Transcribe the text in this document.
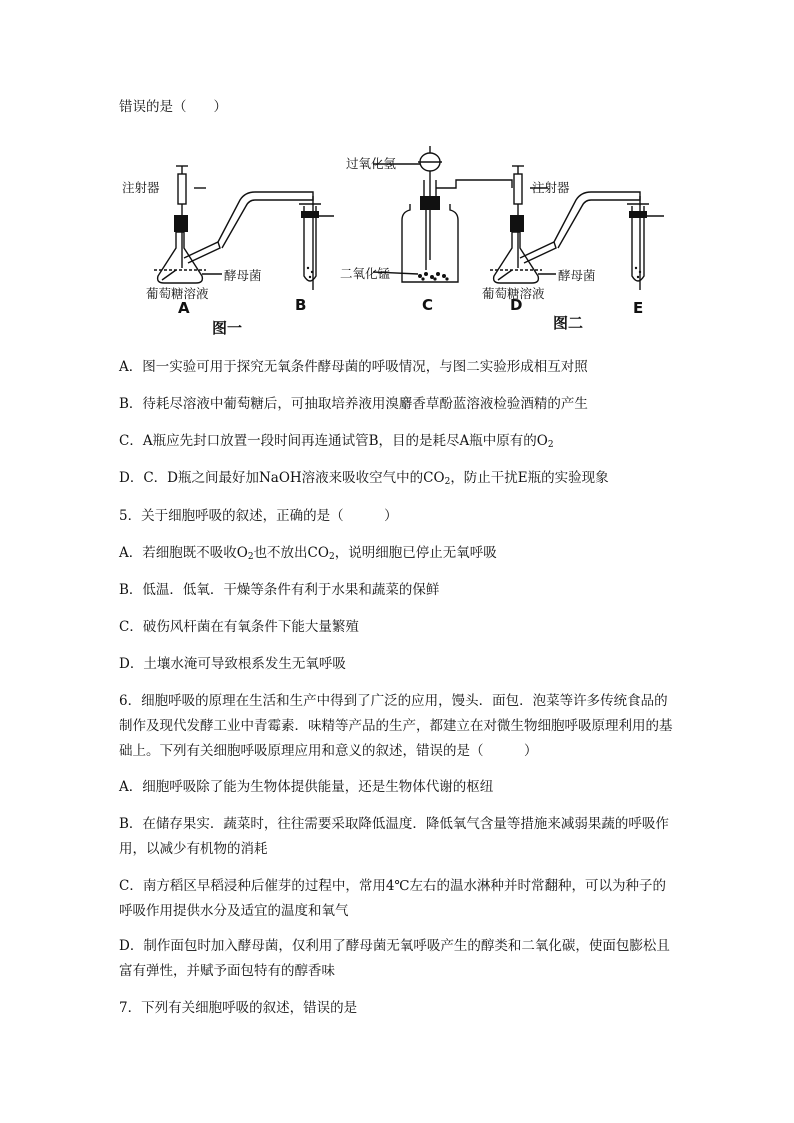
错误的是（　　）
注射器
酵母菌
葡萄糖溶液
过氧化氢
二氧化锰
注射器
酵母菌
葡萄糖溶液
A	B	C	D	E
图一	图二
A．图一实验可用于探究无氧条件酵母菌的呼吸情况，与图二实验形成相互对照
B．待耗尽溶液中葡萄糖后，可抽取培养液用溴麝香草酚蓝溶液检验酒精的产生
C．A瓶应先封口放置一段时间再连通试管B，目的是耗尽A瓶中原有的$O_2$
D．C．D瓶之间最好加NaOH溶液来吸收空气中的$CO_2$，防止干扰E瓶的实验现象
5．关于细胞呼吸的叙述，正确的是（　　　）
A．若细胞既不吸收$O_2$也不放出$CO_2$，说明细胞已停止无氧呼吸
B．低温．低氧．干燥等条件有利于水果和蔬菜的保鲜
C．破伤风杆菌在有氧条件下能大量繁殖
D．土壤水淹可导致根系发生无氧呼吸
6．细胞呼吸的原理在生活和生产中得到了广泛的应用，馒头．面包．泡菜等许多传统食品的制作及现代发酵工业中青霉素．味精等产品的生产，都建立在对微生物细胞呼吸原理利用的基础上。下列有关细胞呼吸原理应用和意义的叙述，错误的是（　　　）
A．细胞呼吸除了能为生物体提供能量，还是生物体代谢的枢纽
B．在储存果实．蔬菜时，往往需要采取降低温度．降低氧气含量等措施来减弱果蔬的呼吸作用，以减少有机物的消耗
C．南方稻区早稻浸种后催芽的过程中，常用4℃左右的温水淋种并时常翻种，可以为种子的呼吸作用提供水分及适宜的温度和氧气
D．制作面包时加入酵母菌，仅利用了酵母菌无氧呼吸产生的醇类和二氧化碳，使面包膨松且富有弹性，并赋予面包特有的醇香味
7．下列有关细胞呼吸的叙述，错误的是
